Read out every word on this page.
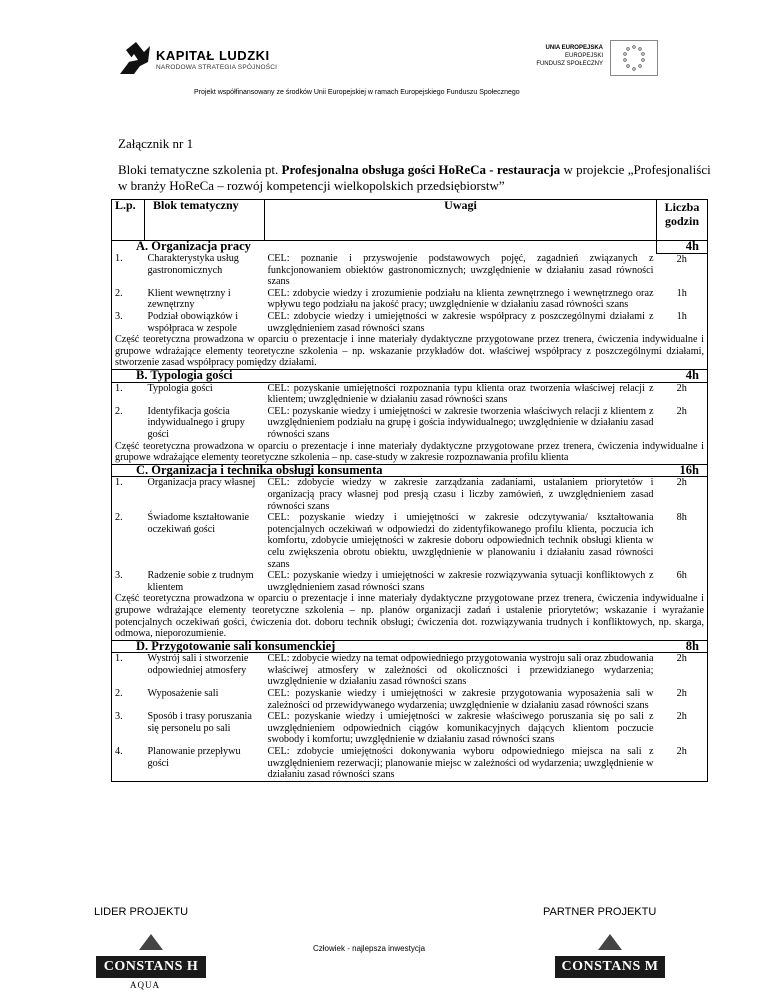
KAPITAŁ LUDZKI
NARODOWA STRATEGIA SPÓJNOŚCI
UNIA EUROPEJSKA
EUROPEJSKI
FUNDUSZ SPOŁECZNY
Projekt współfinansowany ze środków Unii Europejskiej w ramach Europejskiego Funduszu Społecznego
Załącznik nr 1
Bloki tematyczne szkolenia pt. Profesjonalna obsługa gości HoReCa - restauracja w projekcie „Profesjonaliści w branży HoReCa – rozwój kompetencji wielkopolskich przedsiębiorstw”
L.p.	Blok tematyczny	Uwagi	Liczba godzin
A. Organizacja pracy			4h
1.	Charakterystyka usług gastronomicznych	CEL: poznanie i przyswojenie podstawowych pojęć, zagadnień związanych z funkcjonowaniem obiektów gastronomicznych; uwzględnienie w działaniu zasad równości szans	2h
2.	Klient wewnętrzny i zewnętrzny	CEL: zdobycie wiedzy i zrozumienie podziału na klienta zewnętrznego i wewnętrznego oraz wpływu tego podziału na jakość pracy; uwzględnienie w działaniu zasad równości szans	1h
3.	Podział obowiązków i współpraca w zespole	CEL: zdobycie wiedzy i umiejętności w zakresie współpracy z poszczególnymi działami z uwzględnieniem zasad równości szans	1h
Część teoretyczna prowadzona w oparciu o prezentacje i inne materiały dydaktyczne przygotowane przez trenera, ćwiczenia indywidualne i grupowe wdrażające elementy teoretyczne szkolenia – np. wskazanie przykładów dot. właściwej współpracy z poszczególnymi działami, stworzenie zasad współpracy pomiędzy działami.			
B. Typologia gości			4h
1.	Typologia gości	CEL: pozyskanie umiejętności rozpoznania typu klienta oraz tworzenia właściwej relacji z klientem; uwzględnienie w działaniu zasad równości szans	2h
2.	Identyfikacja gościa indywidualnego i grupy gości	CEL: pozyskanie wiedzy i umiejętności w zakresie tworzenia właściwych relacji z klientem z uwzględnieniem podziału na grupę i gościa indywidualnego; uwzględnienie w działaniu zasad równości szans	2h
Część teoretyczna prowadzona w oparciu o prezentacje i inne materiały dydaktyczne przygotowane przez trenera, ćwiczenia indywidualne i grupowe wdrażające elementy teoretyczne szkolenia – np. case-study w zakresie rozpoznawania profilu klienta			
C. Organizacja i technika obsługi konsumenta			16h
1.	Organizacja pracy własnej	CEL: zdobycie wiedzy w zakresie zarządzania zadaniami, ustalaniem priorytetów i organizacją pracy własnej pod presją czasu i liczby zamówień, z uwzględnieniem zasad równości szans	2h
2.	Świadome kształtowanie oczekiwań gości	CEL: pozyskanie wiedzy i umiejętności w zakresie odczytywania/ kształtowania potencjalnych oczekiwań w odpowiedzi do zidentyfikowanego profilu klienta, poczucia ich komfortu, zdobycie umiejętności w zakresie doboru odpowiednich technik obsługi klienta w celu zwiększenia obrotu obiektu, uwzględnienie w planowaniu i działaniu zasad równości szans	8h
3.	Radzenie sobie z trudnym klientem	CEL: pozyskanie wiedzy i umiejętności w zakresie rozwiązywania sytuacji konfliktowych z uwzględnieniem zasad równości szans	6h
Część teoretyczna prowadzona w oparciu o prezentacje i inne materiały dydaktyczne przygotowane przez trenera, ćwiczenia indywidualne i grupowe wdrażające elementy teoretyczne szkolenia – np. planów organizacji zadań i ustalenie priorytetów; wskazanie i wyrażanie potencjalnych oczekiwań gości, ćwiczenia dot. doboru technik obsługi; ćwiczenia dot. rozwiązywania trudnych i konfliktowych, np. skarga, odmowa, nieporozumienie.			
D. Przygotowanie sali konsumenckiej			8h
1.	Wystrój sali i stworzenie odpowiedniej atmosfery	CEL: zdobycie wiedzy na temat odpowiedniego przygotowania wystroju sali oraz zbudowania właściwej atmosfery w zależności od okoliczności i przewidzianego wydarzenia; uwzględnienie w działaniu zasad równości szans	2h
2.	Wyposażenie sali	CEL: pozyskanie wiedzy i umiejętności w zakresie przygotowania wyposażenia sali w zależności od przewidywanego wydarzenia; uwzględnienie w działaniu zasad równości szans	2h
3.	Sposób i trasy poruszania się personelu po sali	CEL: pozyskanie wiedzy i umiejętności w zakresie właściwego poruszania się po sali z uwzględnieniem odpowiednich ciągów komunikacyjnych dających klientom poczucie swobody i komfortu; uwzględnienie w działaniu zasad równości szans	2h
4.	Planowanie przepływu gości	CEL: zdobycie umiejętności dokonywania wyboru odpowiedniego miejsca na sali z uwzględnieniem rezerwacji; planowanie miejsc w zależności od wydarzenia; uwzględnienie w działaniu zasad równości szans	2h
LIDER PROJEKTU	PARTNER PROJEKTU
Człowiek - najlepsza inwestycja
CONSTANS H
AQUA
CONSTANS M
